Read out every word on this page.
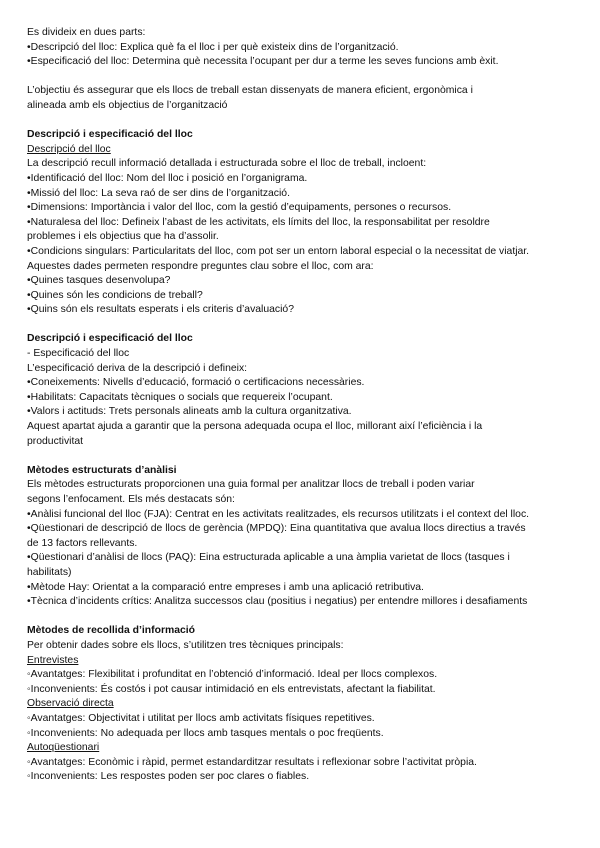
Es divideix en dues parts:

•Descripció del lloc: Explica què fa el lloc i per què existeix dins de l’organització.

•Especificació del lloc: Determina què necessita l’ocupant per dur a terme les seves funcions amb èxit.

L’objectiu és assegurar que els llocs de treball estan dissenyats de manera eficient, ergonòmica i

alineada amb els objectius de l’organització

Descripció i especificació del lloc

Descripció del lloc

La descripció recull informació detallada i estructurada sobre el lloc de treball, incloent:

•Identificació del lloc: Nom del lloc i posició en l’organigrama.

•Missió del lloc: La seva raó de ser dins de l’organització.

•Dimensions: Importància i valor del lloc, com la gestió d’equipaments, persones o recursos.

•Naturalesa del lloc: Defineix l’abast de les activitats, els límits del lloc, la responsabilitat per resoldre

problemes i els objectius que ha d’assolir.

•Condicions singulars: Particularitats del lloc, com pot ser un entorn laboral especial o la necessitat de viatjar.

Aquestes dades permeten respondre preguntes clau sobre el lloc, com ara:

•Quines tasques desenvolupa?

•Quines són les condicions de treball?

•Quins són els resultats esperats i els criteris d’avaluació?

Descripció i especificació del lloc

- Especificació del lloc

L’especificació deriva de la descripció i defineix:

•Coneixements: Nivells d’educació, formació o certificacions necessàries.

•Habilitats: Capacitats tècniques o socials que requereix l’ocupant.

•Valors i actituds: Trets personals alineats amb la cultura organitzativa.

Aquest apartat ajuda a garantir que la persona adequada ocupa el lloc, millorant així l’eficiència i la

productivitat

Mètodes estructurats d’anàlisi

Els mètodes estructurats proporcionen una guia formal per analitzar llocs de treball i poden variar

segons l’enfocament. Els més destacats són:

•Anàlisi funcional del lloc (FJA): Centrat en les activitats realitzades, els recursos utilitzats i el context del lloc.

•Qüestionari de descripció de llocs de gerència (MPDQ): Eina quantitativa que avalua llocs directius a través

de 13 factors rellevants.

•Qüestionari d’anàlisi de llocs (PAQ): Eina estructurada aplicable a una àmplia varietat de llocs (tasques i

habilitats)

•Mètode Hay: Orientat a la comparació entre empreses i amb una aplicació retributiva.

•Tècnica d’incidents crítics: Analitza successos clau (positius i negatius) per entendre millores i desafiaments

Mètodes de recollida d’informació

Per obtenir dades sobre els llocs, s’utilitzen tres tècniques principals:

Entrevistes

◦Avantatges: Flexibilitat i profunditat en l’obtenció d’informació. Ideal per llocs complexos.

◦Inconvenients: És costós i pot causar intimidació en els entrevistats, afectant la fiabilitat.

Observació directa

◦Avantatges: Objectivitat i utilitat per llocs amb activitats físiques repetitives.

◦Inconvenients: No adequada per llocs amb tasques mentals o poc freqüents.

Autoqüestionari

◦Avantatges: Econòmic i ràpid, permet estandarditzar resultats i reflexionar sobre l’activitat pròpia.

◦Inconvenients: Les respostes poden ser poc clares o fiables.
